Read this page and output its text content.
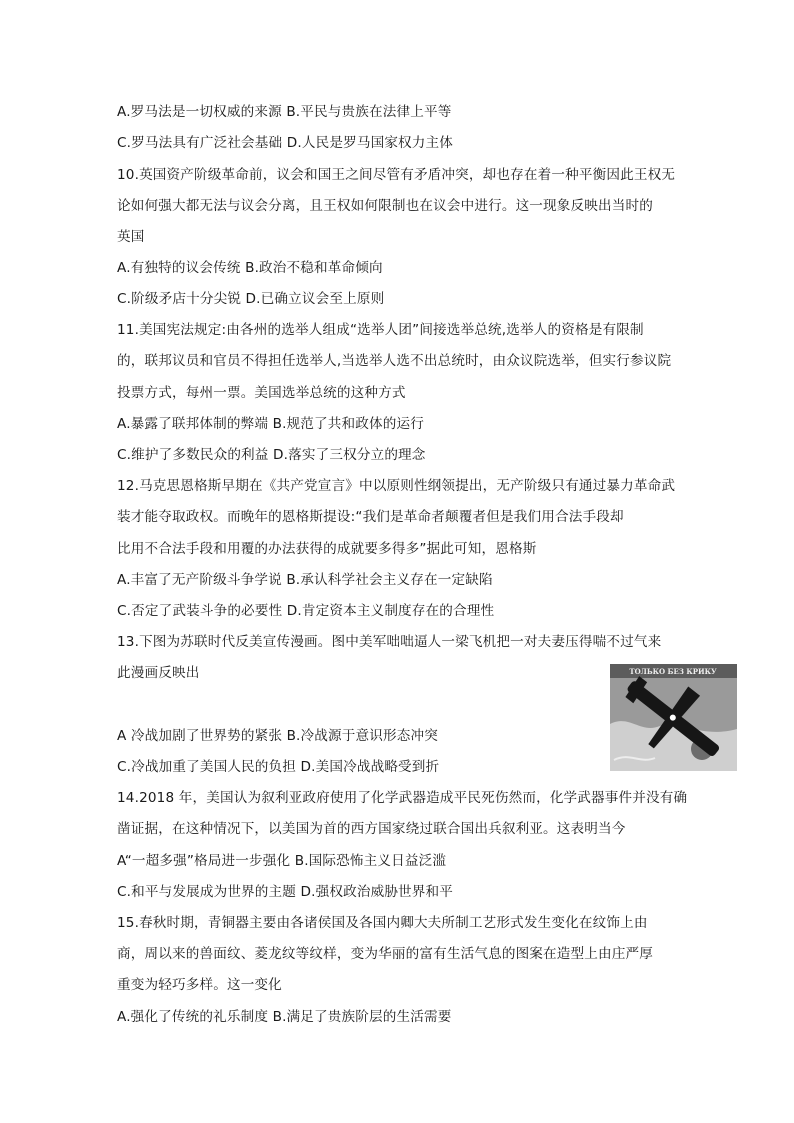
A.罗马法是一切权威的来源 B.平民与贵族在法律上平等
C.罗马法具有广泛社会基础 D.人民是罗马国家权力主体
10.英国资产阶级革命前，议会和国王之间尽管有矛盾冲突，却也存在着一种平衡因此王权无
论如何强大都无法与议会分离，且王权如何限制也在议会中进行。这一现象反映出当时的
英国
A.有独特的议会传统 B.政治不稳和革命倾向
C.阶级矛店十分尖锐 D.已确立议会至上原则
11.美国宪法规定:由各州的选举人组成“选举人团”间接选举总统,选举人的资格是有限制
的，联邦议员和官员不得担任选举人,当选举人选不出总统时，由众议院选举，但实行参议院
投票方式，每州一票。美国选举总统的这种方式
A.暴露了联邦体制的弊端 B.规范了共和政体的运行
C.维护了多数民众的利益 D.落实了三权分立的理念
12.马克思恩格斯早期在《共产党宣言》中以原则性纲领提出，无产阶级只有通过暴力革命武
装才能夺取政权。而晚年的恩格斯提设:“我们是革命者颠覆者但是我们用合法手段却
比用不合法手段和用覆的办法获得的成就要多得多”据此可知，恩格斯
A.丰富了无产阶级斗争学说 B.承认科学社会主义存在一定缺陷
C.否定了武装斗争的必要性 D.肯定资本主义制度存在的合理性
13.下图为苏联时代反美宣传漫画。图中美军咄咄逼人一梁飞机把一对夫妻压得喘不过气来
此漫画反映出
A 冷战加剧了世界势的紧张 B.冷战源于意识形态冲突
C.冷战加重了美国人民的负担 D.美国冷战战略受到折
14.2018 年，美国认为叙利亚政府使用了化学武器造成平民死伤然而，化学武器事件并没有确
凿证据，在这种情况下，以美国为首的西方国家绕过联合国出兵叙利亚。这表明当今
A“一超多强”格局进一步强化 B.国际恐怖主义日益泛滥
C.和平与发展成为世界的主题 D.强权政治威胁世界和平
15.春秋时期，青铜器主要由各诸侯国及各国内卿大夫所制工艺形式发生变化在纹饰上由
商，周以来的兽面纹、菱龙纹等纹样，变为华丽的富有生活气息的图案在造型上由庄严厚
重变为轻巧多样。这一变化
A.强化了传统的礼乐制度 B.满足了贵族阶层的生活需要
ТОЛЬКО БЕЗ КРИКУ
